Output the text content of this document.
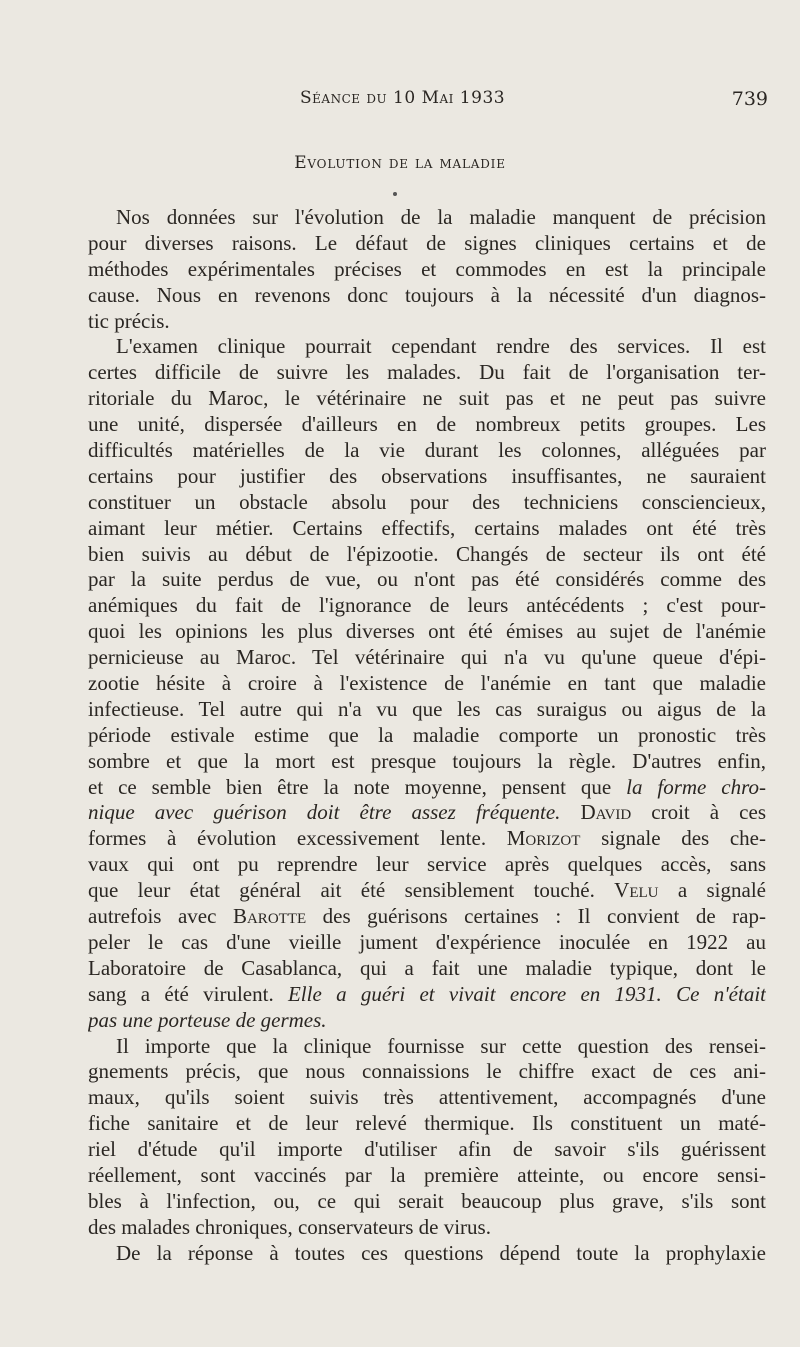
Séance du 10 Mai 1933	739
Evolution de la maladie
Nos données sur l'évolution de la maladie manquent de précision
pour diverses raisons. Le défaut de signes cliniques certains et de
méthodes expérimentales précises et commodes en est la principale
cause. Nous en revenons donc toujours à la nécessité d'un diagnos-
tic précis.
L'examen clinique pourrait cependant rendre des services. Il est
certes difficile de suivre les malades. Du fait de l'organisation ter-
ritoriale du Maroc, le vétérinaire ne suit pas et ne peut pas suivre
une unité, dispersée d'ailleurs en de nombreux petits groupes. Les
difficultés matérielles de la vie durant les colonnes, alléguées par
certains pour justifier des observations insuffisantes, ne sauraient
constituer un obstacle absolu pour des techniciens consciencieux,
aimant leur métier. Certains effectifs, certains malades ont été très
bien suivis au début de l'épizootie. Changés de secteur ils ont été
par la suite perdus de vue, ou n'ont pas été considérés comme des
anémiques du fait de l'ignorance de leurs antécédents ; c'est pour-
quoi les opinions les plus diverses ont été émises au sujet de l'anémie
pernicieuse au Maroc. Tel vétérinaire qui n'a vu qu'une queue d'épi-
zootie hésite à croire à l'existence de l'anémie en tant que maladie
infectieuse. Tel autre qui n'a vu que les cas suraigus ou aigus de la
période estivale estime que la maladie comporte un pronostic très
sombre et que la mort est presque toujours la règle. D'autres enfin,
et ce semble bien être la note moyenne, pensent que la forme chro-
nique avec guérison doit être assez fréquente. David croit à ces
formes à évolution excessivement lente. Morizot signale des che-
vaux qui ont pu reprendre leur service après quelques accès, sans
que leur état général ait été sensiblement touché. Velu a signalé
autrefois avec Barotte des guérisons certaines : Il convient de rap-
peler le cas d'une vieille jument d'expérience inoculée en 1922 au
Laboratoire de Casablanca, qui a fait une maladie typique, dont le
sang a été virulent. Elle a guéri et vivait encore en 1931. Ce n'était
pas une porteuse de germes.
Il importe que la clinique fournisse sur cette question des rensei-
gnements précis, que nous connaissions le chiffre exact de ces ani-
maux, qu'ils soient suivis très attentivement, accompagnés d'une
fiche sanitaire et de leur relevé thermique. Ils constituent un maté-
riel d'étude qu'il importe d'utiliser afin de savoir s'ils guérissent
réellement, sont vaccinés par la première atteinte, ou encore sensi-
bles à l'infection, ou, ce qui serait beaucoup plus grave, s'ils sont
des malades chroniques, conservateurs de virus.
De la réponse à toutes ces questions dépend toute la prophylaxie
